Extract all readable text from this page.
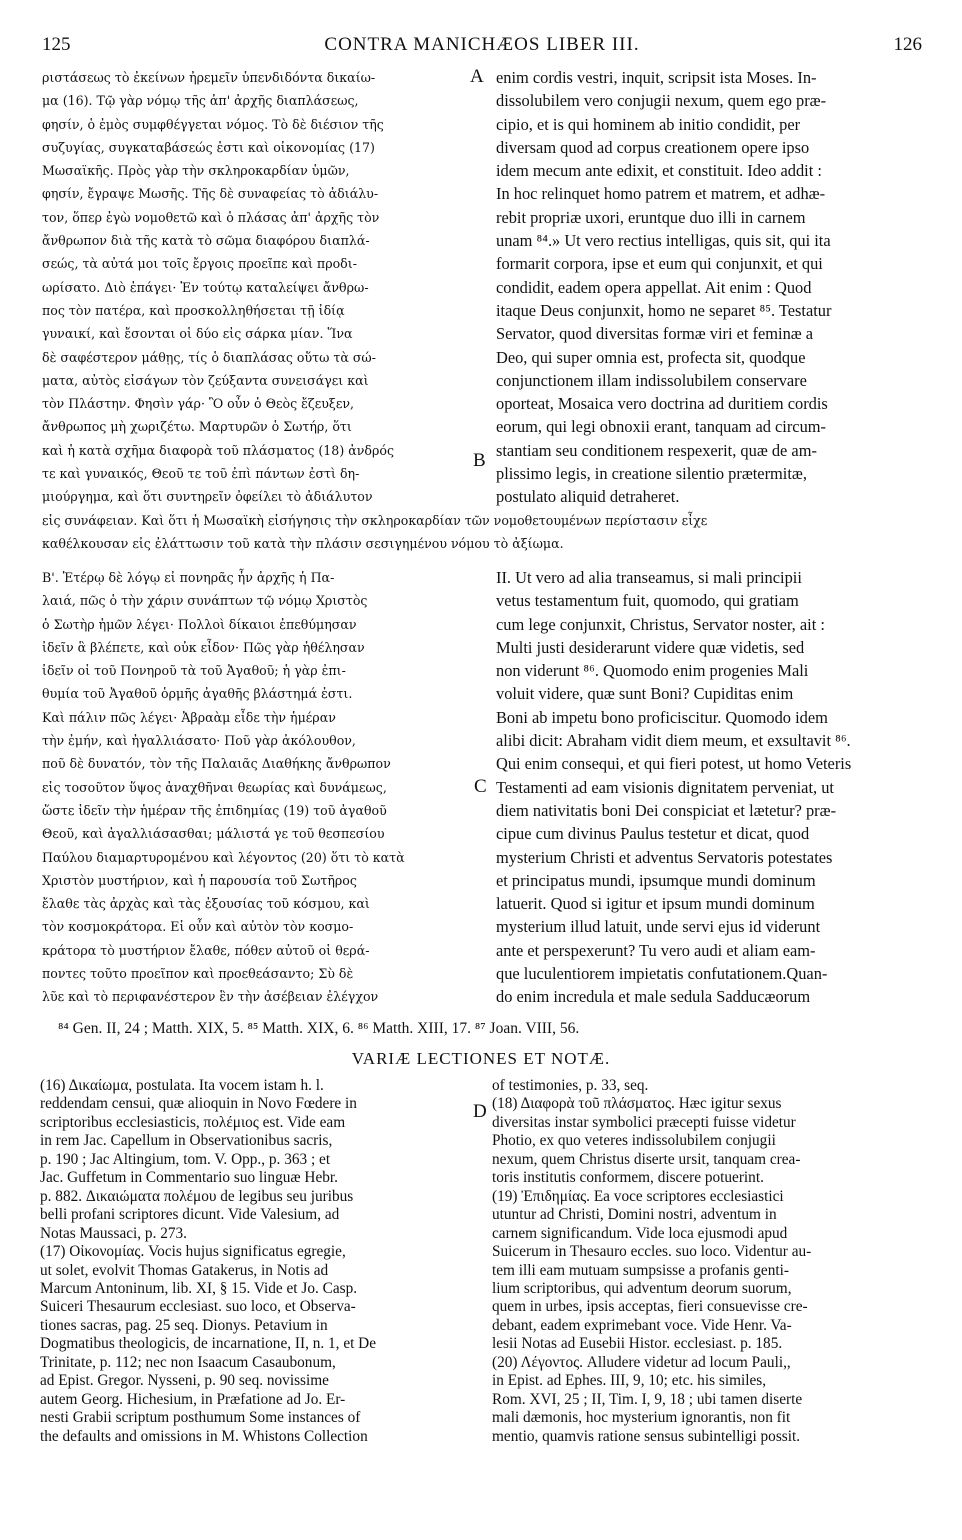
125	CONTRA MANICHÆOS LIBER III.	126
A
B
C
D
ριστάσεως τὸ ἐκείνων ἠρεμεῖν ὑπενδιδόντα δικαίω-
μα (16). Τῷ γὰρ νόμῳ τῆς ἀπ' ἀρχῆς διαπλάσεως,
φησίν, ὁ ἐμὸς συμφθέγγεται νόμος. Τὸ δὲ διέσιον τῆς
συζυγίας, συγκαταβάσεώς ἐστι καὶ οἰκονομίας (17)
Μωσαϊκῆς. Πρὸς γὰρ τὴν σκληροκαρδίαν ὑμῶν,
φησίν, ἔγραψε Μωσῆς. Τῆς δὲ συναφείας τὸ ἀδιάλυ-
τον, ὅπερ ἐγὼ νομοθετῶ καὶ ὁ πλάσας ἀπ' ἀρχῆς τὸν
ἄνθρωπον διὰ τῆς κατὰ τὸ σῶμα διαφόρου διαπλά-
σεώς, τὰ αὐτά μοι τοῖς ἔργοις προεῖπε καὶ προδι-
ωρίσατο. Διὸ ἐπάγει· Ἐν τούτῳ καταλείψει ἄνθρω-
πος τὸν πατέρα, καὶ προσκολληθήσεται τῇ ἰδίᾳ
γυναικί, καὶ ἔσονται οἱ δύο εἰς σάρκα μίαν. Ἵνα
δὲ σαφέστερον μάθῃς, τίς ὁ διαπλάσας οὕτω τὰ σώ-
ματα, αὐτὸς εἰσάγων τὸν ζεύξαντα συνεισάγει καὶ
τὸν Πλάστην. Φησὶν γάρ· Ὃ οὖν ὁ Θεὸς ἔζευξεν,
ἄνθρωπος μὴ χωριζέτω. Μαρτυρῶν ὁ Σωτήρ, ὅτι
καὶ ἡ κατὰ σχῆμα διαφορὰ τοῦ πλάσματος (18) ἀνδρός
τε καὶ γυναικός, Θεοῦ τε τοῦ ἐπὶ πάντων ἐστὶ δη-
μιούργημα, καὶ ὅτι συντηρεῖν ὀφείλει τὸ ἀδιάλυτον
enim cordis vestri, inquit, scripsit ista Moses. In-
dissolubilem vero conjugii nexum, quem ego præ-
cipio, et is qui hominem ab initio condidit, per
diversam quod ad corpus creationem opere ipso
idem mecum ante edixit, et constituit. Ideo addit :
In hoc relinquet homo patrem et matrem, et adhæ-
rebit propriæ uxori, eruntque duo illi in carnem
unam ⁸⁴.» Ut vero rectius intelligas, quis sit, qui ita
formarit corpora, ipse et eum qui conjunxit, et qui
condidit, eadem opera appellat. Ait enim : Quod
itaque Deus conjunxit, homo ne separet ⁸⁵. Testatur
Servator, quod diversitas formæ viri et feminæ a
Deo, qui super omnia est, profecta sit, quodque
conjunctionem illam indissolubilem conservare
oporteat, Mosaica vero doctrina ad duritiem cordis
eorum, qui legi obnoxii erant, tanquam ad circum-
stantiam seu conditionem respexerit, quæ de am-
plissimo legis, in creatione silentio prætermitæ,
postulato aliquid detraheret.
εἰς συνάφειαν. Καὶ ὅτι ἡ Μωσαϊκὴ εἰσήγησις τὴν σκληροκαρδίαν τῶν νομοθετουμένων περίστασιν εἶχε
καθέλκουσαν εἰς ἐλάττωσιν τοῦ κατὰ τὴν πλάσιν σεσιγημένου νόμου τὸ ἀξίωμα.
Β'. Ἑτέρῳ δὲ λόγῳ εἰ πονηρᾶς ἦν ἀρχῆς ἡ Πα-
λαιά, πῶς ὁ τὴν χάριν συνάπτων τῷ νόμῳ Χριστὸς
ὁ Σωτὴρ ἡμῶν λέγει· Πολλοὶ δίκαιοι ἐπεθύμησαν
ἰδεῖν ἃ βλέπετε, καὶ οὐκ εἶδον· Πῶς γὰρ ἠθέλησαν
ἰδεῖν οἱ τοῦ Πονηροῦ τὰ τοῦ Ἀγαθοῦ; ἡ γὰρ ἐπι-
θυμία τοῦ Ἀγαθοῦ ὁρμῆς ἀγαθῆς βλάστημά ἐστι.
Καὶ πάλιν πῶς λέγει· Ἀβραὰμ εἶδε τὴν ἡμέραν
τὴν ἐμήν, καὶ ἠγαλλιάσατο· Ποῦ γὰρ ἀκόλουθον,
ποῦ δὲ δυνατόν, τὸν τῆς Παλαιᾶς Διαθήκης ἄνθρωπον
εἰς τοσοῦτον ὕψος ἀναχθῆναι θεωρίας καὶ δυνάμεως,
ὥστε ἰδεῖν τὴν ἡμέραν τῆς ἐπιδημίας (19) τοῦ ἀγαθοῦ
Θεοῦ, καὶ ἀγαλλιάσασθαι; μάλιστά γε τοῦ θεσπεσίου
Παύλου διαμαρτυρομένου καὶ λέγοντος (20) ὅτι τὸ κατὰ
Χριστὸν μυστήριον, καὶ ἡ παρουσία τοῦ Σωτῆρος
ἔλαθε τὰς ἀρχὰς καὶ τὰς ἐξουσίας τοῦ κόσμου, καὶ
τὸν κοσμοκράτορα. Εἰ οὖν καὶ αὐτὸν τὸν κοσμο-
κράτορα τὸ μυστήριον ἔλαθε, πόθεν αὐτοῦ οἱ θερά-
ποντες τοῦτο προεῖπον καὶ προεθεάσαντο; Σὺ δὲ
λῦε καὶ τὸ περιφανέστερον ἓν τὴν ἀσέβειαν ἐλέγχον
II. Ut vero ad alia transeamus, si mali principii
vetus testamentum fuit, quomodo, qui gratiam
cum lege conjunxit, Christus, Servator noster, ait :
Multi justi desiderarunt videre quæ videtis, sed
non viderunt ⁸⁶. Quomodo enim progenies Mali
voluit videre, quæ sunt Boni? Cupiditas enim
Boni ab impetu bono proficiscitur. Quomodo idem
alibi dicit: Abraham vidit diem meum, et exsultavit ⁸⁶.
Qui enim consequi, et qui fieri potest, ut homo Veteris
Testamenti ad eam visionis dignitatem perveniat, ut
diem nativitatis boni Dei conspiciat et lætetur? præ-
cipue cum divinus Paulus testetur et dicat, quod
mysterium Christi et adventus Servatoris potestates
et principatus mundi, ipsumque mundi dominum
latuerit. Quod si igitur et ipsum mundi dominum
mysterium illud latuit, unde servi ejus id viderunt
ante et perspexerunt? Tu vero audi et aliam eam-
que luculentiorem impietatis confutationem.Quan-
do enim incredula et male sedula Sadducæorum
⁸⁴ Gen. II, 24 ; Matth. XIX, 5. ⁸⁵ Matth. XIX, 6. ⁸⁶ Matth. XIII, 17. ⁸⁷ Joan. VIII, 56.
VARIÆ LECTIONES ET NOTÆ.
(16) Δικαίωμα, postulata. Ita vocem istam h. l.
reddendam censui, quæ alioquin in Novo Fœdere in
scriptoribus ecclesiasticis, πολέμιος est. Vide eam
in rem Jac. Capellum in Observationibus sacris,
p. 190 ; Jac Altingium, tom. V. Opp., p. 363 ; et
Jac. Guffetum in Commentario suo linguæ Hebr.
p. 882. Δικαιώματα πολέμου de legibus seu juribus
belli profani scriptores dicunt. Vide Valesium, ad
Notas Maussaci, p. 273.
(17) Οἰκονομίας. Vocis hujus significatus egregie,
ut solet, evolvit Thomas Gatakerus, in Notis ad
Marcum Antoninum, lib. XI, § 15. Vide et Jo. Casp.
Suiceri Thesaurum ecclesiast. suo loco, et Observa-
tiones sacras, pag. 25 seq. Dionys. Petavium in
Dogmatibus theologicis, de incarnatione, II, n. 1, et De
Trinitate, p. 112; nec non Isaacum Casaubonum,
ad Epist. Gregor. Nysseni, p. 90 seq. novissime
autem Georg. Hichesium, in Præfatione ad Jo. Er-
nesti Grabii scriptum posthumum Some instances of
the defaults and omissions in M. Whistons Collection
of testimonies, p. 33, seq.
(18) Διαφορὰ τοῦ πλάσματος. Hæc igitur sexus
diversitas instar symbolici præcepti fuisse videtur
Photio, ex quo veteres indissolubilem conjugii
nexum, quem Christus diserte ursit, tanquam crea-
toris institutis conformem, discere potuerint.
(19) Ἐπιδημίας. Ea voce scriptores ecclesiastici
utuntur ad Christi, Domini nostri, adventum in
carnem significandum. Vide loca ejusmodi apud
Suicerum in Thesauro eccles. suo loco. Videntur au-
tem illi eam mutuam sumpsisse a profanis genti-
lium scriptoribus, qui adventum deorum suorum,
quem in urbes, ipsis acceptas, fieri consuevisse cre-
debant, eadem exprimebant voce. Vide Henr. Va-
lesii Notas ad Eusebii Histor. ecclesiast. p. 185.
(20) Λέγοντος. Alludere videtur ad locum Pauli,,
in Epist. ad Ephes. III, 9, 10; etc. his similes,
Rom. XVI, 25 ; II, Tim. I, 9, 18 ; ubi tamen diserte
mali dæmonis, hoc mysterium ignorantis, non fit
mentio, quamvis ratione sensus subintelligi possit.
